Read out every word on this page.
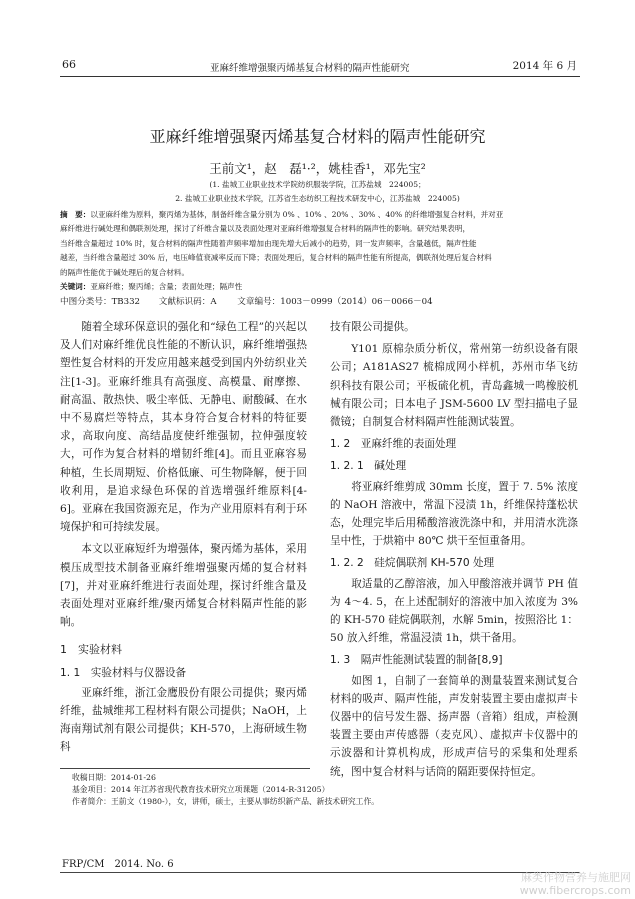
66	亚麻纤维增强聚丙烯基复合材料的隔声性能研究	2014 年 6 月
亚麻纤维增强聚丙烯基复合材料的隔声性能研究
王前文¹，赵　磊¹·²，姚桂香¹，邓先宝²
(1. 盐城工业职业技术学院纺织服装学院，江苏盐城　224005；
2. 盐城工业职业技术学院，江苏省生态纺织工程技术研发中心，江苏盐城　224005)
摘　要：以亚麻纤维为原料，聚丙烯为基体，制备纤维含量分别为 0% 、10% 、20% 、30% 、40% 的纤维增强复合材料，并对亚
麻纤维进行碱处理和偶联剂处理，探讨了纤维含量以及表面处理对亚麻纤维增强复合材料的隔声性的影响。研究结果表明，
当纤维含量超过 10% 时，复合材料的隔声性随着声频率增加由现先增大后减小的趋势，同一发声频率，含量越低，隔声性能
越差，当纤维含量超过 30% 后，电压峰值衰减率反而下降；表面处理后，复合材料的隔声性能有所提高，偶联剂处理后复合材料
的隔声性能优于碱处理后的复合材料。
关键词：亚麻纤维；聚丙烯；含量；表面处理；隔声性
中图分类号：TB332 文献标识码：A 文章编号：1003－0999（2014）06－0066－04

随着全球环保意识的强化和“绿色工程”的兴起以及人们对麻纤维优良性能的不断认识，麻纤维增强热塑性复合材料的开发应用越来越受到国内外纺织业关注[1-3]。亚麻纤维具有高强度、高模量、耐摩擦、耐高温、散热快、吸尘率低、无静电、耐酸碱、在水中不易腐烂等特点，其本身符合复合材料的特征要求，高取向度、高结晶度使纤维强韧，拉伸强度较大，可作为复合材料的增韧纤维[4]。而且亚麻容易种植，生长周期短、价格低廉、可生物降解，便于回收利用，是追求绿色环保的首选增强纤维原料[4-6]。亚麻在我国资源充足，作为产业用原料有利于环境保护和可持续发展。

本文以亚麻短纤为增强体，聚丙烯为基体，采用模压成型技术制备亚麻纤维增强聚丙烯的复合材料[7]，并对亚麻纤维进行表面处理，探讨纤维含量及表面处理对亚麻纤维/聚丙烯复合材料隔声性能的影响。

1　实验材料
1. 1　实验材料与仪器设备

亚麻纤维，浙江金鹰股份有限公司提供；聚丙烯纤维，盐城维邦工程材料有限公司提供；NaOH，上海南翔试剂有限公司提供；KH-570，上海研域生物科

技有限公司提供。

Y101 原棉杂质分析仪，常州第一纺织设备有限公司；A181AS27 梳棉成网小样机，苏州市华飞纺织科技有限公司；平板硫化机，青岛鑫城一鸣橡胶机械有限公司；日本电子 JSM-5600 LV 型扫描电子显微镜；自制复合材料隔声性能测试装置。

1. 2　亚麻纤维的表面处理
1. 2. 1　碱处理

将亚麻纤维剪成 30mm 长度，置于 7. 5% 浓度的 NaOH 溶液中，常温下浸渍 1h，纤维保持蓬松状态，处理完毕后用稀酸溶液洗涤中和，并用清水洗涤呈中性，于烘箱中 80℃ 烘干至恒重备用。

1. 2. 2　硅烷偶联剂 KH-570 处理

取适量的乙醇溶液，加入甲酸溶液并调节 PH 值为 4～4. 5，在上述配制好的溶液中加入浓度为 3% 的 KH-570 硅烷偶联剂，水解 5min，按照浴比 1：50 放入纤维，常温浸渍 1h，烘干备用。

1. 3　隔声性能测试装置的制备[8,9]

如图 1，自制了一套简单的测量装置来测试复合材料的吸声、隔声性能，声发射装置主要由虚拟声卡仪器中的信号发生器、扬声器（音箱）组成，声检测装置主要由声传感器（麦克风）、虚拟声卡仪器中的示波器和计算机构成，形成声信号的采集和处理系统，图中复合材料与话筒的隔距要保持恒定。

收稿日期：2014-01-26
基金项目：2014 年江苏省现代教育技术研究立项课题（2014-R-31205）
作者简介：王前文（1980-），女，讲师，硕士，主要从事纺织新产品、新技术研究工作。
FRP/CM　2014. No. 6
麻类作物营养与施肥网
www.fibercrops.com
